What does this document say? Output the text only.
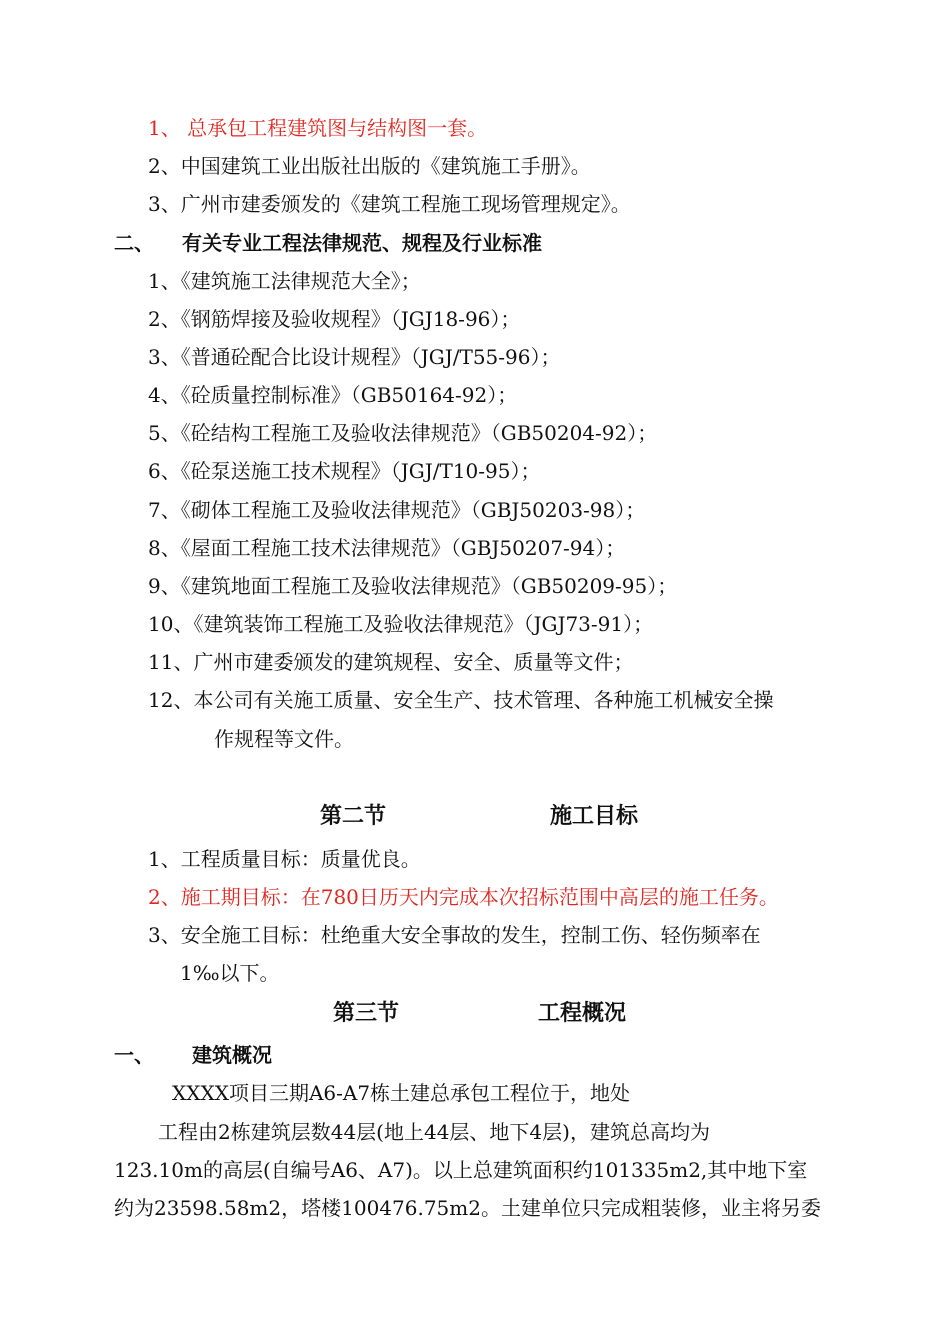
1、 总承包工程建筑图与结构图一套。
2、中国建筑工业出版社出版的《建筑施工手册》。
3、广州市建委颁发的《建筑工程施工现场管理规定》。
二、 有关专业工程法律规范、规程及行业标准
1、《建筑施工法律规范大全》；
2、《钢筋焊接及验收规程》（JGJ18-96）；
3、《普通砼配合比设计规程》（JGJ/T55-96）；
4、《砼质量控制标准》（GB50164-92）；
5、《砼结构工程施工及验收法律规范》（GB50204-92）；
6、《砼泵送施工技术规程》（JGJ/T10-95）；
7、《砌体工程施工及验收法律规范》（GBJ50203-98）；
8、《屋面工程施工技术法律规范》（GBJ50207-94）；
9、《建筑地面工程施工及验收法律规范》（GB50209-95）；
10、《建筑装饰工程施工及验收法律规范》（JGJ73-91）；
11、广州市建委颁发的建筑规程、安全、质量等文件；
12、本公司有关施工质量、安全生产、技术管理、各种施工机械安全操
作规程等文件。
第二节	施工目标
1、工程质量目标：质量优良。
2、施工期目标：在780日历天内完成本次招标范围中高层的施工任务。
3、安全施工目标：杜绝重大安全事故的发生，控制工伤、轻伤频率在
1‰以下。
第三节	工程概况
一、 建筑概况
XXXX项目三期A6-A7栋土建总承包工程位于，地处
工程由2栋建筑层数44层(地上44层、地下4层)，建筑总高均为
123.10m的高层(自编号A6、A7)。以上总建筑面积约101335m2,其中地下室
约为23598.58m2，塔楼100476.75m2。土建单位只完成粗装修，业主将另委
